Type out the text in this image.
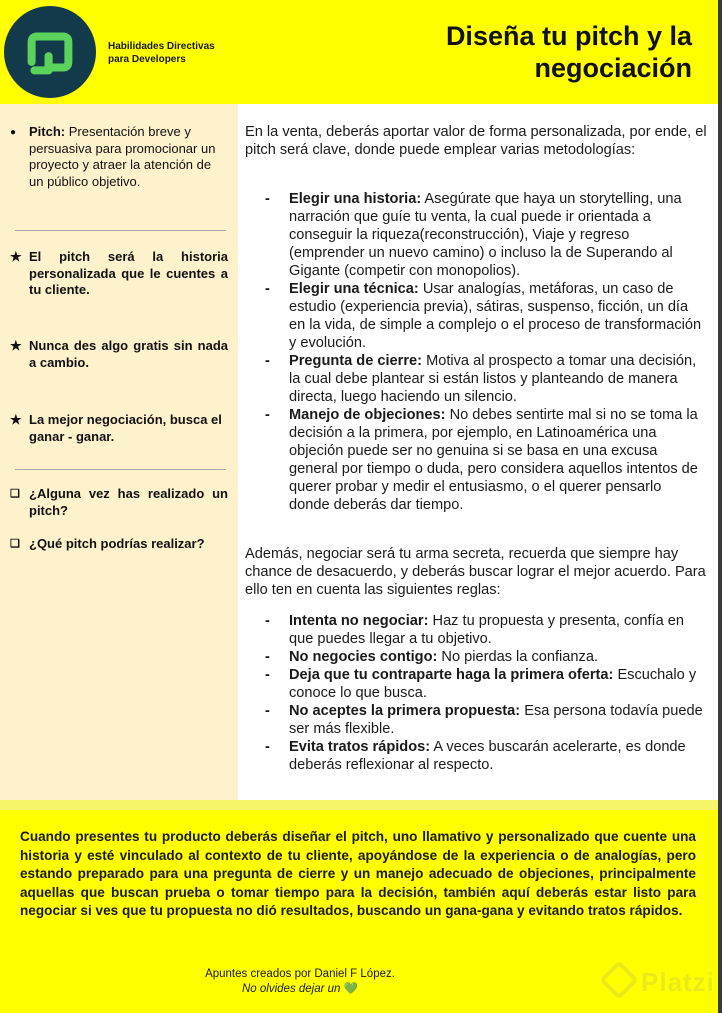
Habilidades Directivas
para Developers
Diseña tu pitch y la
negociación
● Pitch: Presentación breve y persuasiva para promocionar un proyecto y atraer la atención de un público objetivo.
★ El pitch será la historia personalizada que le cuentes a tu cliente.
★ Nunca des algo gratis sin nada a cambio.
★ La mejor negociación, busca el ganar - ganar.
❑ ¿Alguna vez has realizado un pitch?
❑ ¿Qué pitch podrías realizar?
En la venta, deberás aportar valor de forma personalizada, por ende, el pitch será clave, donde puede emplear varias metodologías:
- Elegir una historia: Asegúrate que haya un storytelling, una narración que guíe tu venta, la cual puede ir orientada a conseguir la riqueza(reconstrucción), Viaje y regreso (emprender un nuevo camino) o incluso la de Superando al Gigante (competir con monopolios).
- Elegir una técnica: Usar analogías, metáforas, un caso de estudio (experiencia previa), sátiras, suspenso, ficción, un día en la vida, de simple a complejo o el proceso de transformación y evolución.
- Pregunta de cierre: Motiva al prospecto a tomar una decisión, la cual debe plantear si están listos y planteando de manera directa, luego haciendo un silencio.
- Manejo de objeciones: No debes sentirte mal si no se toma la decisión a la primera, por ejemplo, en Latinoamérica una objeción puede ser no genuina si se basa en una excusa general por tiempo o duda, pero considera aquellos intentos de querer probar y medir el entusiasmo, o el querer pensarlo donde deberás dar tiempo.
Además, negociar será tu arma secreta, recuerda que siempre hay chance de desacuerdo, y deberás buscar lograr el mejor acuerdo. Para ello ten en cuenta las siguientes reglas:
- Intenta no negociar: Haz tu propuesta y presenta, confía en que puedes llegar a tu objetivo.
- No negocies contigo: No pierdas la confianza.
- Deja que tu contraparte haga la primera oferta: Escuchalo y conoce lo que busca.
- No aceptes la primera propuesta: Esa persona todavía puede ser más flexible.
- Evita tratos rápidos: A veces buscarán acelerarte, es donde deberás reflexionar al respecto.
Cuando presentes tu producto deberás diseñar el pitch, uno llamativo y personalizado que cuente una historia y esté vinculado al contexto de tu cliente, apoyándose de la experiencia o de analogías, pero estando preparado para una pregunta de cierre y un manejo adecuado de objeciones, principalmente aquellas que buscan prueba o tomar tiempo para la decisión, también aquí deberás estar listo para negociar si ves que tu propuesta no dió resultados, buscando un gana-gana y evitando tratos rápidos.
Apuntes creados por Daniel F López.
No olvides dejar un 💚	Platzi
